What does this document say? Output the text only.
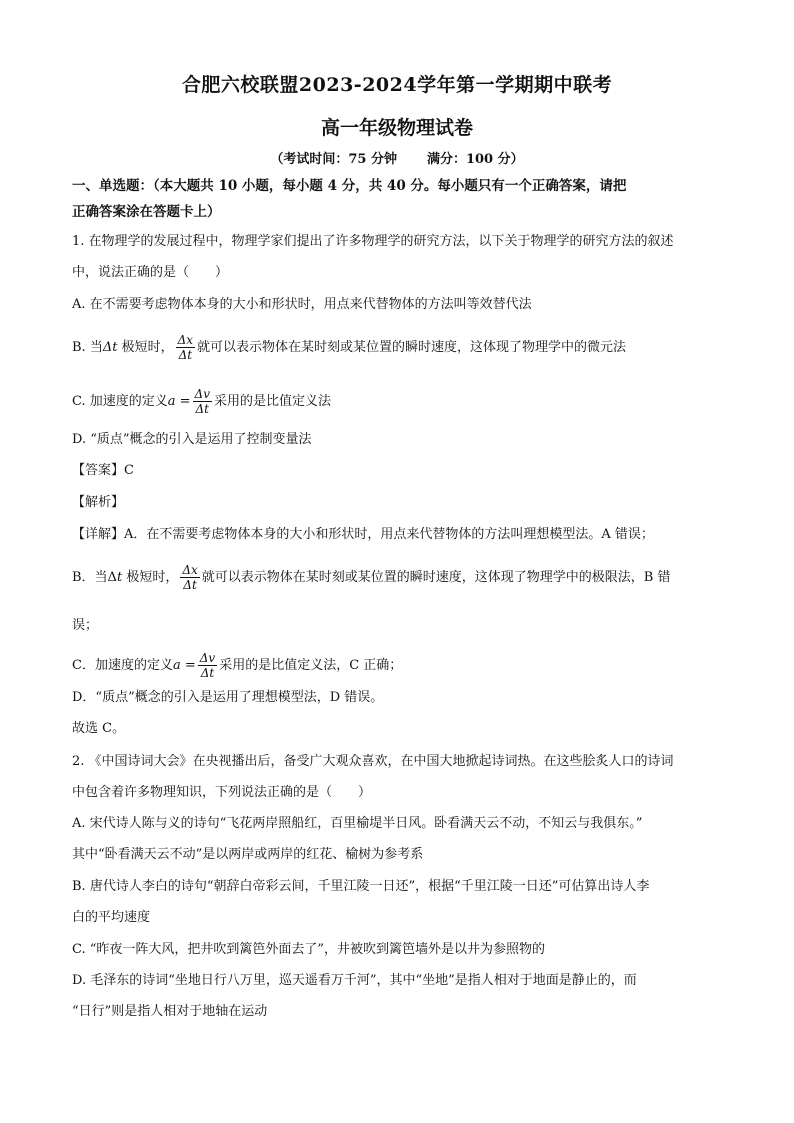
合肥六校联盟2023-2024学年第一学期期中联考
高一年级物理试卷
（考试时间：75 分钟 满分：100 分）
一、单选题：（本大题共 10 小题，每小题 4 分，共 40 分。每小题只有一个正确答案，请把
正确答案涂在答题卡上）
1. 在物理学的发展过程中，物理学家们提出了许多物理学的研究方法，以下关于物理学的研究方法的叙述
中，说法正确的是（　　）
A. 在不需要考虑物体本身的大小和形状时，用点来代替物体的方法叫等效替代法
B. 当Δt 极短时， $\frac{\Delta x}{\Delta t}$ 就可以表示物体在某时刻或某位置的瞬时速度，这体现了物理学中的微元法
C. 加速度的定义$a = \frac{\Delta v}{\Delta t}$ 采用的是比值定义法
D. “质点”概念的引入是运用了控制变量法
【答案】C
【解析】
【详解】A．在不需要考虑物体本身的大小和形状时，用点来代替物体的方法叫理想模型法。A 错误；
B．当Δt 极短时， $\frac{\Delta x}{\Delta t}$ 就可以表示物体在某时刻或某位置的瞬时速度，这体现了物理学中的极限法，B 错
误；
C．加速度的定义$a = \frac{\Delta v}{\Delta t}$ 采用的是比值定义法，C 正确；
D．“质点”概念的引入是运用了理想模型法，D 错误。
故选 C。
2. 《中国诗词大会》在央视播出后，备受广大观众喜欢，在中国大地掀起诗词热。在这些脍炙人口的诗词
中包含着许多物理知识，下列说法正确的是（　　）
A. 宋代诗人陈与义的诗句“飞花两岸照船红，百里榆堤半日风。卧看满天云不动，不知云与我俱东。”
其中“卧看满天云不动”是以两岸或两岸的红花、榆树为参考系
B. 唐代诗人李白的诗句“朝辞白帝彩云间，千里江陵一日还”，根据“千里江陵一日还”可估算出诗人李
白的平均速度
C. “昨夜一阵大风，把井吹到篱笆外面去了”，井被吹到篱笆墙外是以井为参照物的
D. 毛泽东的诗词“坐地日行八万里，巡天遥看万千河”，其中“坐地”是指人相对于地面是静止的，而
“日行”则是指人相对于地轴在运动
